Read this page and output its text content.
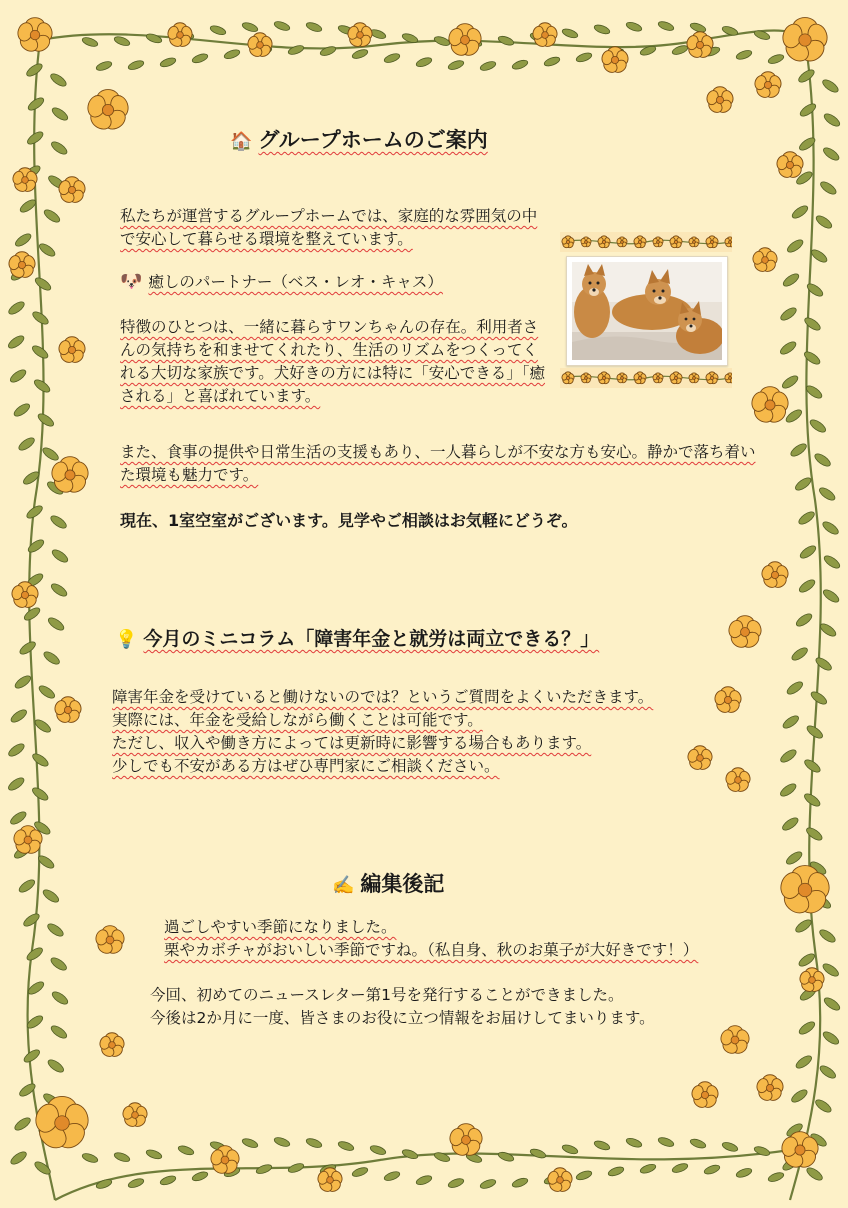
🏠 グループホームのご案内

私たちが運営するグループホームでは、家庭的な雰囲気の中で安心して暮らせる環境を整えています。

🐶 癒しのパートナー（ベス・レオ・キャス）

特徴のひとつは、一緒に暮らすワンちゃんの存在。利用者さんの気持ちを和ませてくれたり、生活のリズムをつくってくれる大切な家族です。犬好きの方には特に「安心できる」「癒される」と喜ばれています。

また、食事の提供や日常生活の支援もあり、一人暮らしが不安な方も安心。静かで落ち着いた環境も魅力です。

現在、1室空室がございます。見学やご相談はお気軽にどうぞ。

💡 今月のミニコラム「障害年金と就労は両立できる？」

障害年金を受けていると働けないのでは？というご質問をよくいただきます。

実際には、年金を受給しながら働くことは可能です。

ただし、収入や働き方によっては更新時に影響する場合もあります。

少しでも不安がある方はぜひ専門家にご相談ください。

✍️ 編集後記

過ごしやすい季節になりました。

栗やカボチャがおいしい季節ですね。（私自身、秋のお菓子が大好きです！）

今回、初めてのニュースレター第1号を発行することができました。

今後は2か月に一度、皆さまのお役に立つ情報をお届けしてまいります。
